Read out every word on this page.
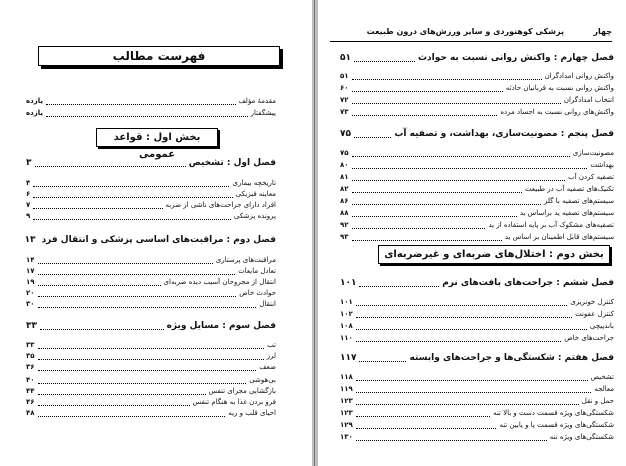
فهرست مطالب
مقدمهٔ مؤلف
یازده
پیشگفتار
یازده
بخش اول : قواعد عمومی
فصل اول : تشخیص
۳
تاریخچه بیماری
۴
معاینه فیزیکی
۶
افراد دارای جراحت‌های ناشی از ضربه
۷
پرونده پزشکی
۹
فصل دوم : مراقبت‌های اساسی پزشکی و انتقال فرد
۱۳
مراقبت‌های پرستاری
۱۴
تعادل مایعات
۱۷
انتقال از مجروحان آسیب دیده ضربه‌ای
۱۹
حوادث خاص
۲۰
انتقال
۳۰
فصل سوم : مسایل ویژه
۳۳
تب
۳۳
لرز
۳۵
ضعف
۳۶
بی‌هوشی
۴۰
بازگشایی مجرای تنفس
۴۴
فرو بردن غذا به هنگام تنفس
۴۶
احیای قلب و ریه
۴۸
چهار
پزشکی کوهنوردی و سایر ورزش‌های درون طبیعت
فصل چهارم : واکنش روانی نسبت به حوادث
۵۱
واکنش روانی امدادگران
۵۱
واکنش روانی نسبت به قربانیان حادثه
۶۰
انتخاب امدادگران
۷۲
واکنش‌های روانی نسبت به اجساد مرده
۷۳
فصل پنجم : مصونیت‌سازی، بهداشت، و تصفیه آب
۷۵
مصونیت‌سازی
۷۵
بهداشت
۸۰
تصفیه کردن آب
۸۱
تکنیک‌های تصفیه آب در طبیعت
۸۲
سیستم‌های تصفیه با گلر
۸۶
سیستم‌های تصفیه ید براساس ید
۸۸
تصفیه‌های مشکوک آب بر پایه استفاده از ید
۹۲
سیستم‌های قابل اطمینان بر اساس ید
۹۳
بخش دوم : اختلال‌های ضربه‌ای و غیرضربه‌ای
فصل ششم : جراحت‌های بافت‌های نرم
۱۰۱
کنترل خونریزی
۱۰۱
کنترل عفونت
۱۰۲
باندپیچی
۱۰۸
جراحت‌های خاص
۱۱۰
فصل هفتم : شکستگی‌ها و جراحت‌های وابسته
۱۱۷
تشخیص
۱۱۸
معالجه
۱۱۹
حمل و نقل
۱۲۳
شکستگی‌های ویژه قسمت دست و بالا تنه
۱۲۳
شکستگی‌های ویژه قسمت پا و پایین تنه
۱۲۹
شکستگی‌های ویژه تنه
۱۳۰
